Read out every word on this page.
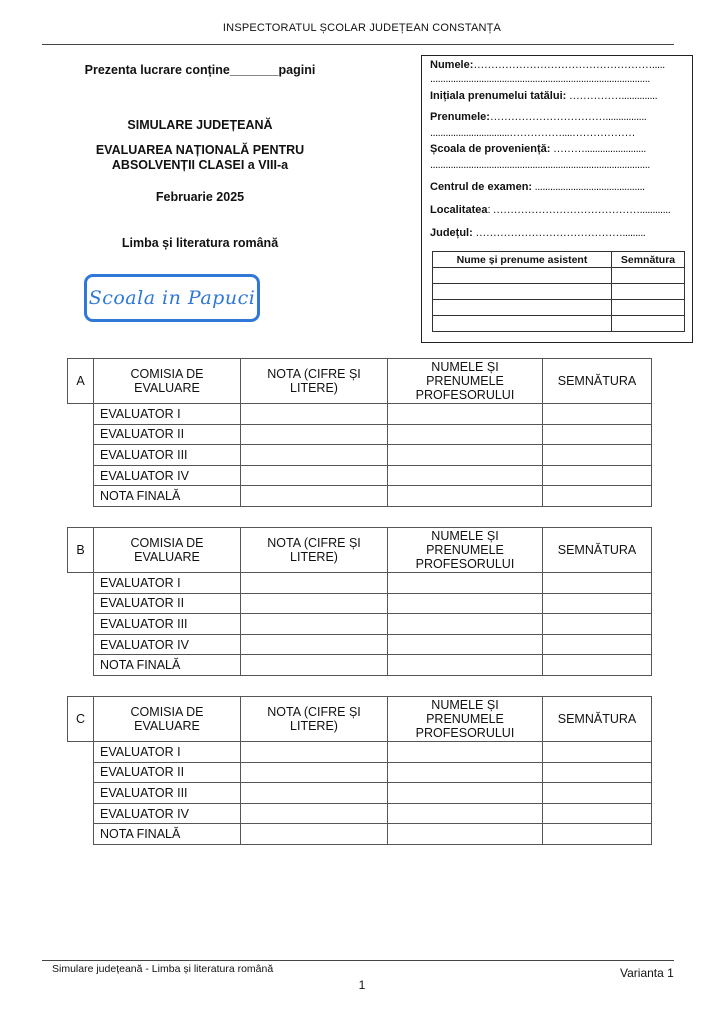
INSPECTORATUL ȘCOLAR JUDEȚEAN CONSTANȚA
Prezenta lucrare conține_______pagini
SIMULARE JUDEȚEANĂ
EVALUAREA NAȚIONALĂ PENTRU
ABSOLVENȚII CLASEI a VIII-a
Februarie 2025
Limba și literatura română
Scoala in Papuci
Numele:…………………………………………….....
......................................................................................
Inițiala prenumelui tatălui: ……………..............
Prenumele:……………………………................
...............................……………....………………
Școala de proveniență: ………........................
......................................................................................
Centrul de examen: ...........................................
Localitatea: ……………………………………............
Județul: …………………………………….........
Nume și prenume asistent	Semnătura

A	COMISIA DE EVALUARE	NOTA (CIFRE ȘI LITERE)	NUMELE ȘI PRENUMELE PROFESORULUI	SEMNĂTURA
	EVALUATOR I			
	EVALUATOR II			
	EVALUATOR III			
	EVALUATOR IV			
	NOTA FINALĂ			
B	COMISIA DE EVALUARE	NOTA (CIFRE ȘI LITERE)	NUMELE ȘI PRENUMELE PROFESORULUI	SEMNĂTURA
	EVALUATOR I			
	EVALUATOR II			
	EVALUATOR III			
	EVALUATOR IV			
	NOTA FINALĂ			
C	COMISIA DE EVALUARE	NOTA (CIFRE ȘI LITERE)	NUMELE ȘI PRENUMELE PROFESORULUI	SEMNĂTURA
	EVALUATOR I			
	EVALUATOR II			
	EVALUATOR III			
	EVALUATOR IV			
	NOTA FINALĂ			
Simulare județeană - Limba și literatura română	Varianta 1
1
